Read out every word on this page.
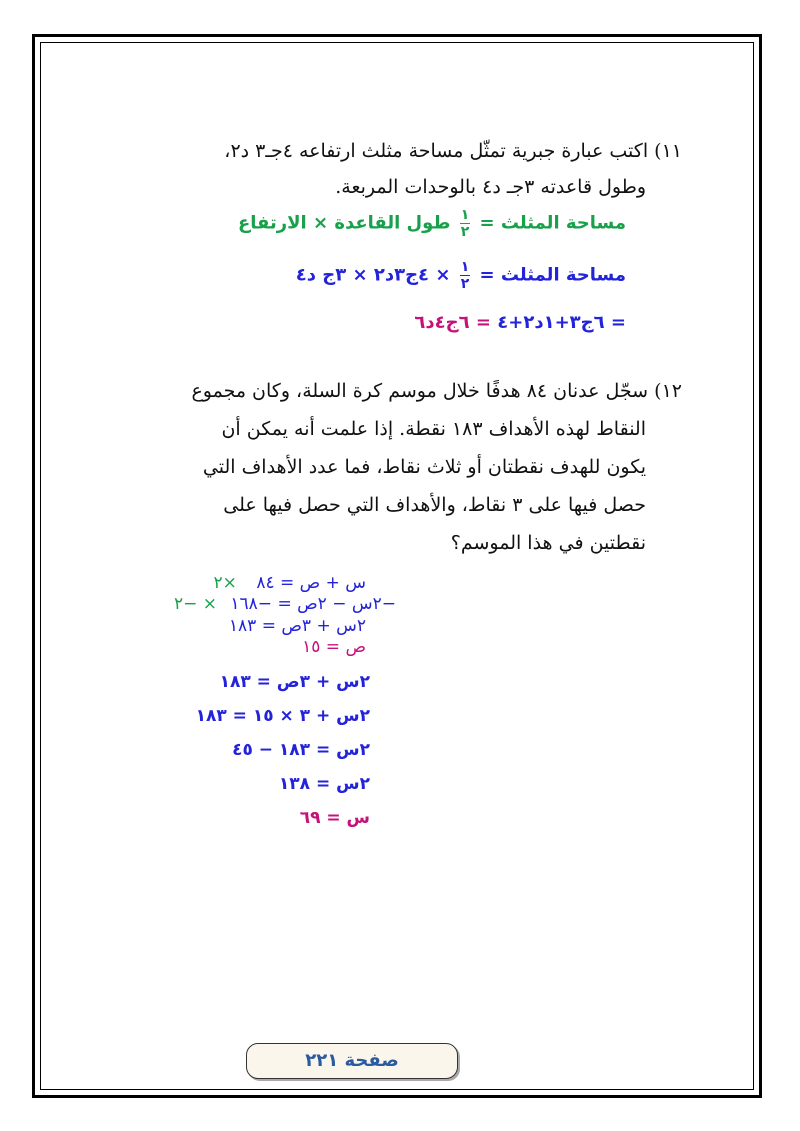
١١) اكتب عبارة جبرية تمثّل مساحة مثلث ارتفاعه ٤جـ٣ د٢،
وطول قاعدته ٣جـ د٤ بالوحدات المربعة.
مساحة المثلث =
$\frac{١}{٢}$
طول القاعدة × الارتفاع
مساحة المثلث =
$\frac{١}{٢}$
× ٤ج٣د٢ × ٣ج د٤
= ٦ج٣+١د٢+٤ = ٦ج٤د٦
١٢) سجّل عدنان ٨٤ هدفًا خلال موسم كرة السلة، وكان مجموع
النقاط لهذه الأهداف ١٨٣ نقطة. إذا علمت أنه يمكن أن
يكون للهدف نقطتان أو ثلاث نقاط، فما عدد الأهداف التي
حصل فيها على ٣ نقاط، والأهداف التي حصل فيها على
نقطتين في هذا الموسم؟
س + ص = ٨٤ ×٢
−٢س − ٢ص = −١٦٨ × −٢
٢س + ٣ص = ١٨٣
ص = ١٥
٢س + ٣ص = ١٨٣
٢س + ٣ × ١٥ = ١٨٣
٢س = ١٨٣ − ٤٥
٢س = ١٣٨
س = ٦٩
صفحة ٢٢١
